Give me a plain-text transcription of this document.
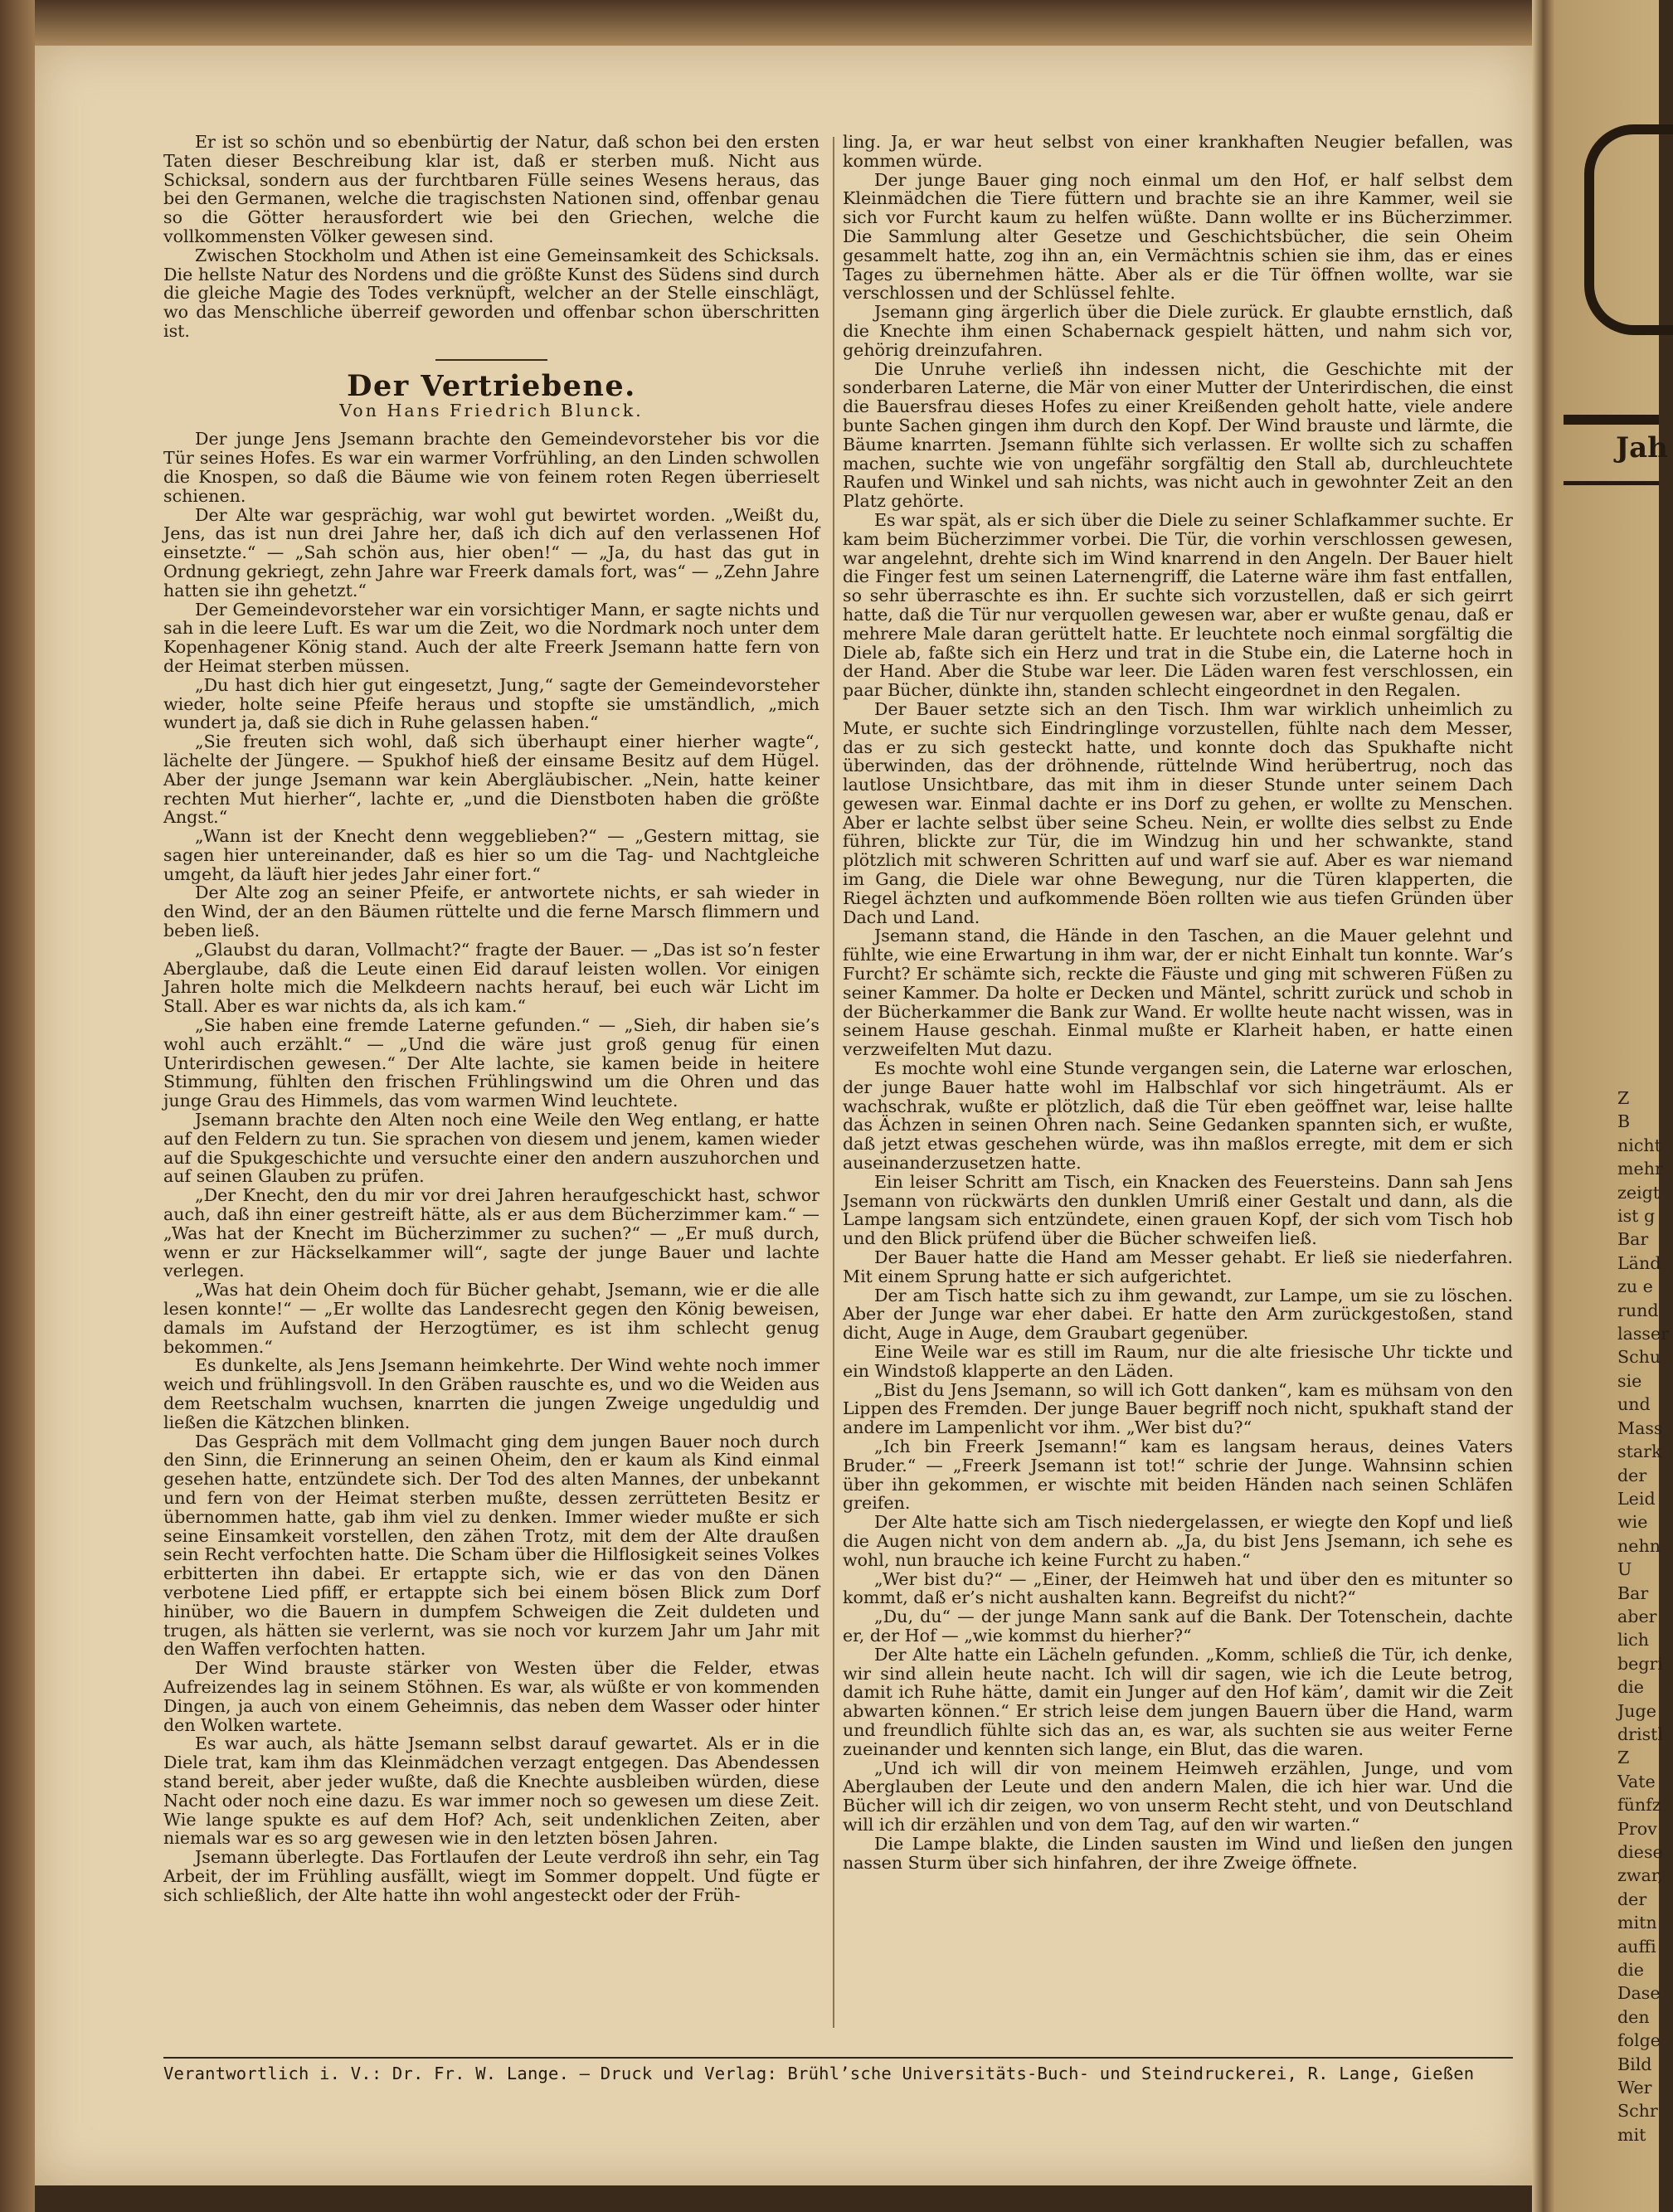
Er ist so schön und so ebenbürtig der Natur, daß schon bei den ersten Taten dieser Beschreibung klar ist, daß er sterben muß. Nicht aus Schicksal, sondern aus der furchtbaren Fülle seines Wesens heraus, das bei den Germanen, welche die tragischsten Nationen sind, offenbar genau so die Götter herausfordert wie bei den Griechen, welche die vollkommensten Völker gewesen sind.

Zwischen Stockholm und Athen ist eine Gemeinsamkeit des Schicksals. Die hellste Natur des Nordens und die größte Kunst des Südens sind durch die gleiche Magie des Todes verknüpft, welcher an der Stelle einschlägt, wo das Menschliche überreif geworden und offenbar schon überschritten ist.

Der Vertriebene.
Von Hans Friedrich Blunck.

Der junge Jens Jsemann brachte den Gemeindevorsteher bis vor die Tür seines Hofes. Es war ein warmer Vorfrühling, an den Linden schwollen die Knospen, so daß die Bäume wie von feinem roten Regen überrieselt schienen.

Der Alte war gesprächig, war wohl gut bewirtet worden. „Weißt du, Jens, das ist nun drei Jahre her, daß ich dich auf den verlassenen Hof einsetzte.“ — „Sah schön aus, hier oben!“ — „Ja, du hast das gut in Ordnung gekriegt, zehn Jahre war Freerk damals fort, was“ — „Zehn Jahre hatten sie ihn gehetzt.“

Der Gemeindevorsteher war ein vorsichtiger Mann, er sagte nichts und sah in die leere Luft. Es war um die Zeit, wo die Nordmark noch unter dem Kopenhagener König stand. Auch der alte Freerk Jsemann hatte fern von der Heimat sterben müssen.

„Du hast dich hier gut eingesetzt, Jung,“ sagte der Gemeindevorsteher wieder, holte seine Pfeife heraus und stopfte sie umständlich, „mich wundert ja, daß sie dich in Ruhe gelassen haben.“

„Sie freuten sich wohl, daß sich überhaupt einer hierher wagte“, lächelte der Jüngere. — Spukhof hieß der einsame Besitz auf dem Hügel. Aber der junge Jsemann war kein Abergläubischer. „Nein, hatte keiner rechten Mut hierher“, lachte er, „und die Dienstboten haben die größte Angst.“

„Wann ist der Knecht denn weggeblieben?“ — „Gestern mittag, sie sagen hier untereinander, daß es hier so um die Tag- und Nachtgleiche umgeht, da läuft hier jedes Jahr einer fort.“

Der Alte zog an seiner Pfeife, er antwortete nichts, er sah wieder in den Wind, der an den Bäumen rüttelte und die ferne Marsch flimmern und beben ließ.

„Glaubst du daran, Vollmacht?“ fragte der Bauer. — „Das ist so’n fester Aberglaube, daß die Leute einen Eid darauf leisten wollen. Vor einigen Jahren holte mich die Melkdeern nachts herauf, bei euch wär Licht im Stall. Aber es war nichts da, als ich kam.“

„Sie haben eine fremde Laterne gefunden.“ — „Sieh, dir haben sie’s wohl auch erzählt.“ — „Und die wäre just groß genug für einen Unterirdischen gewesen.“ Der Alte lachte, sie kamen beide in heitere Stimmung, fühlten den frischen Frühlingswind um die Ohren und das junge Grau des Himmels, das vom warmen Wind leuchtete.

Jsemann brachte den Alten noch eine Weile den Weg entlang, er hatte auf den Feldern zu tun. Sie sprachen von diesem und jenem, kamen wieder auf die Spukgeschichte und versuchte einer den andern auszuhorchen und auf seinen Glauben zu prüfen.

„Der Knecht, den du mir vor drei Jahren heraufgeschickt hast, schwor auch, daß ihn einer gestreift hätte, als er aus dem Bücherzimmer kam.“ — „Was hat der Knecht im Bücherzimmer zu suchen?“ — „Er muß durch, wenn er zur Häckselkammer will“, sagte der junge Bauer und lachte verlegen.

„Was hat dein Oheim doch für Bücher gehabt, Jsemann, wie er die alle lesen konnte!“ — „Er wollte das Landesrecht gegen den König beweisen, damals im Aufstand der Herzogtümer, es ist ihm schlecht genug bekommen.“

Es dunkelte, als Jens Jsemann heimkehrte. Der Wind wehte noch immer weich und frühlingsvoll. In den Gräben rauschte es, und wo die Weiden aus dem Reetschalm wuchsen, knarrten die jungen Zweige ungeduldig und ließen die Kätzchen blinken.

Das Gespräch mit dem Vollmacht ging dem jungen Bauer noch durch den Sinn, die Erinnerung an seinen Oheim, den er kaum als Kind einmal gesehen hatte, entzündete sich. Der Tod des alten Mannes, der unbekannt und fern von der Heimat sterben mußte, dessen zerrütteten Besitz er übernommen hatte, gab ihm viel zu denken. Immer wieder mußte er sich seine Einsamkeit vorstellen, den zähen Trotz, mit dem der Alte draußen sein Recht verfochten hatte. Die Scham über die Hilflosigkeit seines Volkes erbitterten ihn dabei. Er ertappte sich, wie er das von den Dänen verbotene Lied pfiff, er ertappte sich bei einem bösen Blick zum Dorf hinüber, wo die Bauern in dumpfem Schweigen die Zeit duldeten und trugen, als hätten sie verlernt, was sie noch vor kurzem Jahr um Jahr mit den Waffen verfochten hatten.

Der Wind brauste stärker von Westen über die Felder, etwas Aufreizendes lag in seinem Stöhnen. Es war, als wüßte er von kommenden Dingen, ja auch von einem Geheimnis, das neben dem Wasser oder hinter den Wolken wartete.

Es war auch, als hätte Jsemann selbst darauf gewartet. Als er in die Diele trat, kam ihm das Kleinmädchen verzagt entgegen. Das Abendessen stand bereit, aber jeder wußte, daß die Knechte ausbleiben würden, diese Nacht oder noch eine dazu. Es war immer noch so gewesen um diese Zeit. Wie lange spukte es auf dem Hof? Ach, seit undenklichen Zeiten, aber niemals war es so arg gewesen wie in den letzten bösen Jahren.

Jsemann überlegte. Das Fortlaufen der Leute verdroß ihn sehr, ein Tag Arbeit, der im Frühling ausfällt, wiegt im Sommer doppelt. Und fügte er sich schließlich, der Alte hatte ihn wohl angesteckt oder der Früh-

ling. Ja, er war heut selbst von einer krankhaften Neugier befallen, was kommen würde.

Der junge Bauer ging noch einmal um den Hof, er half selbst dem Kleinmädchen die Tiere füttern und brachte sie an ihre Kammer, weil sie sich vor Furcht kaum zu helfen wüßte. Dann wollte er ins Bücherzimmer. Die Sammlung alter Gesetze und Geschichtsbücher, die sein Oheim gesammelt hatte, zog ihn an, ein Vermächtnis schien sie ihm, das er eines Tages zu übernehmen hätte. Aber als er die Tür öffnen wollte, war sie verschlossen und der Schlüssel fehlte.

Jsemann ging ärgerlich über die Diele zurück. Er glaubte ernstlich, daß die Knechte ihm einen Schabernack gespielt hätten, und nahm sich vor, gehörig dreinzufahren.

Die Unruhe verließ ihn indessen nicht, die Geschichte mit der sonderbaren Laterne, die Mär von einer Mutter der Unterirdischen, die einst die Bauersfrau dieses Hofes zu einer Kreißenden geholt hatte, viele andere bunte Sachen gingen ihm durch den Kopf. Der Wind brauste und lärmte, die Bäume knarrten. Jsemann fühlte sich verlassen. Er wollte sich zu schaffen machen, suchte wie von ungefähr sorgfältig den Stall ab, durchleuchtete Raufen und Winkel und sah nichts, was nicht auch in gewohnter Zeit an den Platz gehörte.

Es war spät, als er sich über die Diele zu seiner Schlafkammer suchte. Er kam beim Bücherzimmer vorbei. Die Tür, die vorhin verschlossen gewesen, war angelehnt, drehte sich im Wind knarrend in den Angeln. Der Bauer hielt die Finger fest um seinen Laternengriff, die Laterne wäre ihm fast entfallen, so sehr überraschte es ihn. Er suchte sich vorzustellen, daß er sich geirrt hatte, daß die Tür nur verquollen gewesen war, aber er wußte genau, daß er mehrere Male daran gerüttelt hatte. Er leuchtete noch einmal sorgfältig die Diele ab, faßte sich ein Herz und trat in die Stube ein, die Laterne hoch in der Hand. Aber die Stube war leer. Die Läden waren fest verschlossen, ein paar Bücher, dünkte ihn, standen schlecht eingeordnet in den Regalen.

Der Bauer setzte sich an den Tisch. Ihm war wirklich unheimlich zu Mute, er suchte sich Eindringlinge vorzustellen, fühlte nach dem Messer, das er zu sich gesteckt hatte, und konnte doch das Spukhafte nicht überwinden, das der dröhnende, rüttelnde Wind herübertrug, noch das lautlose Unsichtbare, das mit ihm in dieser Stunde unter seinem Dach gewesen war. Einmal dachte er ins Dorf zu gehen, er wollte zu Menschen. Aber er lachte selbst über seine Scheu. Nein, er wollte dies selbst zu Ende führen, blickte zur Tür, die im Windzug hin und her schwankte, stand plötzlich mit schweren Schritten auf und warf sie auf. Aber es war niemand im Gang, die Diele war ohne Bewegung, nur die Türen klapperten, die Riegel ächzten und aufkommende Böen rollten wie aus tiefen Gründen über Dach und Land.

Jsemann stand, die Hände in den Taschen, an die Mauer gelehnt und fühlte, wie eine Erwartung in ihm war, der er nicht Einhalt tun konnte. War’s Furcht? Er schämte sich, reckte die Fäuste und ging mit schweren Füßen zu seiner Kammer. Da holte er Decken und Mäntel, schritt zurück und schob in der Bücherkammer die Bank zur Wand. Er wollte heute nacht wissen, was in seinem Hause geschah. Einmal mußte er Klarheit haben, er hatte einen verzweifelten Mut dazu.

Es mochte wohl eine Stunde vergangen sein, die Laterne war erloschen, der junge Bauer hatte wohl im Halbschlaf vor sich hingeträumt. Als er wachschrak, wußte er plötzlich, daß die Tür eben geöffnet war, leise hallte das Ächzen in seinen Ohren nach. Seine Gedanken spannten sich, er wußte, daß jetzt etwas geschehen würde, was ihn maßlos erregte, mit dem er sich auseinanderzusetzen hatte.

Ein leiser Schritt am Tisch, ein Knacken des Feuersteins. Dann sah Jens Jsemann von rückwärts den dunklen Umriß einer Gestalt und dann, als die Lampe langsam sich entzündete, einen grauen Kopf, der sich vom Tisch hob und den Blick prüfend über die Bücher schweifen ließ.

Der Bauer hatte die Hand am Messer gehabt. Er ließ sie niederfahren. Mit einem Sprung hatte er sich aufgerichtet.

Der am Tisch hatte sich zu ihm gewandt, zur Lampe, um sie zu löschen. Aber der Junge war eher dabei. Er hatte den Arm zurückgestoßen, stand dicht, Auge in Auge, dem Graubart gegenüber.

Eine Weile war es still im Raum, nur die alte friesische Uhr tickte und ein Windstoß klapperte an den Läden.

„Bist du Jens Jsemann, so will ich Gott danken“, kam es mühsam von den Lippen des Fremden. Der junge Bauer begriff noch nicht, spukhaft stand der andere im Lampenlicht vor ihm. „Wer bist du?“

„Ich bin Freerk Jsemann!“ kam es langsam heraus, deines Vaters Bruder.“ — „Freerk Jsemann ist tot!“ schrie der Junge. Wahnsinn schien über ihn gekommen, er wischte mit beiden Händen nach seinen Schläfen greifen.

Der Alte hatte sich am Tisch niedergelassen, er wiegte den Kopf und ließ die Augen nicht von dem andern ab. „Ja, du bist Jens Jsemann, ich sehe es wohl, nun brauche ich keine Furcht zu haben.“

„Wer bist du?“ — „Einer, der Heimweh hat und über den es mitunter so kommt, daß er’s nicht aushalten kann. Begreifst du nicht?“

„Du, du“ — der junge Mann sank auf die Bank. Der Totenschein, dachte er, der Hof — „wie kommst du hierher?“

Der Alte hatte ein Lächeln gefunden. „Komm, schließ die Tür, ich denke, wir sind allein heute nacht. Ich will dir sagen, wie ich die Leute betrog, damit ich Ruhe hätte, damit ein Junger auf den Hof käm’, damit wir die Zeit abwarten können.“ Er strich leise dem jungen Bauern über die Hand, warm und freundlich fühlte sich das an, es war, als suchten sie aus weiter Ferne zueinander und kennten sich lange, ein Blut, das die waren.

„Und ich will dir von meinem Heimweh erzählen, Junge, und vom Aberglauben der Leute und den andern Malen, die ich hier war. Und die Bücher will ich dir zeigen, wo von unserm Recht steht, und von Deutschland will ich dir erzählen und von dem Tag, auf den wir warten.“

Die Lampe blakte, die Linden sausten im Wind und ließen den jungen nassen Sturm über sich hinfahren, der ihre Zweige öffnete.

Verantwortlich i. V.: Dr. Fr. W. Lange. — Druck und Verlag: Brühl’sche Universitäts-Buch- und Steindruckerei, R. Lange, Gießen
Jah
Z
B
nicht
mehr
zeigt
ist g
Bar
Länd
zu e
rund
lasser
Schu
sie
und
Mass
stark
der
Leid
wie
nehn
U
Bar
aber
lich
begri
die
Juge
dristl
Z
Vate
fünfz
Prov
diese
zwar,
der
mitn
auffi
die
Dase
den
folge
Bild
Wer
Schr
mit
